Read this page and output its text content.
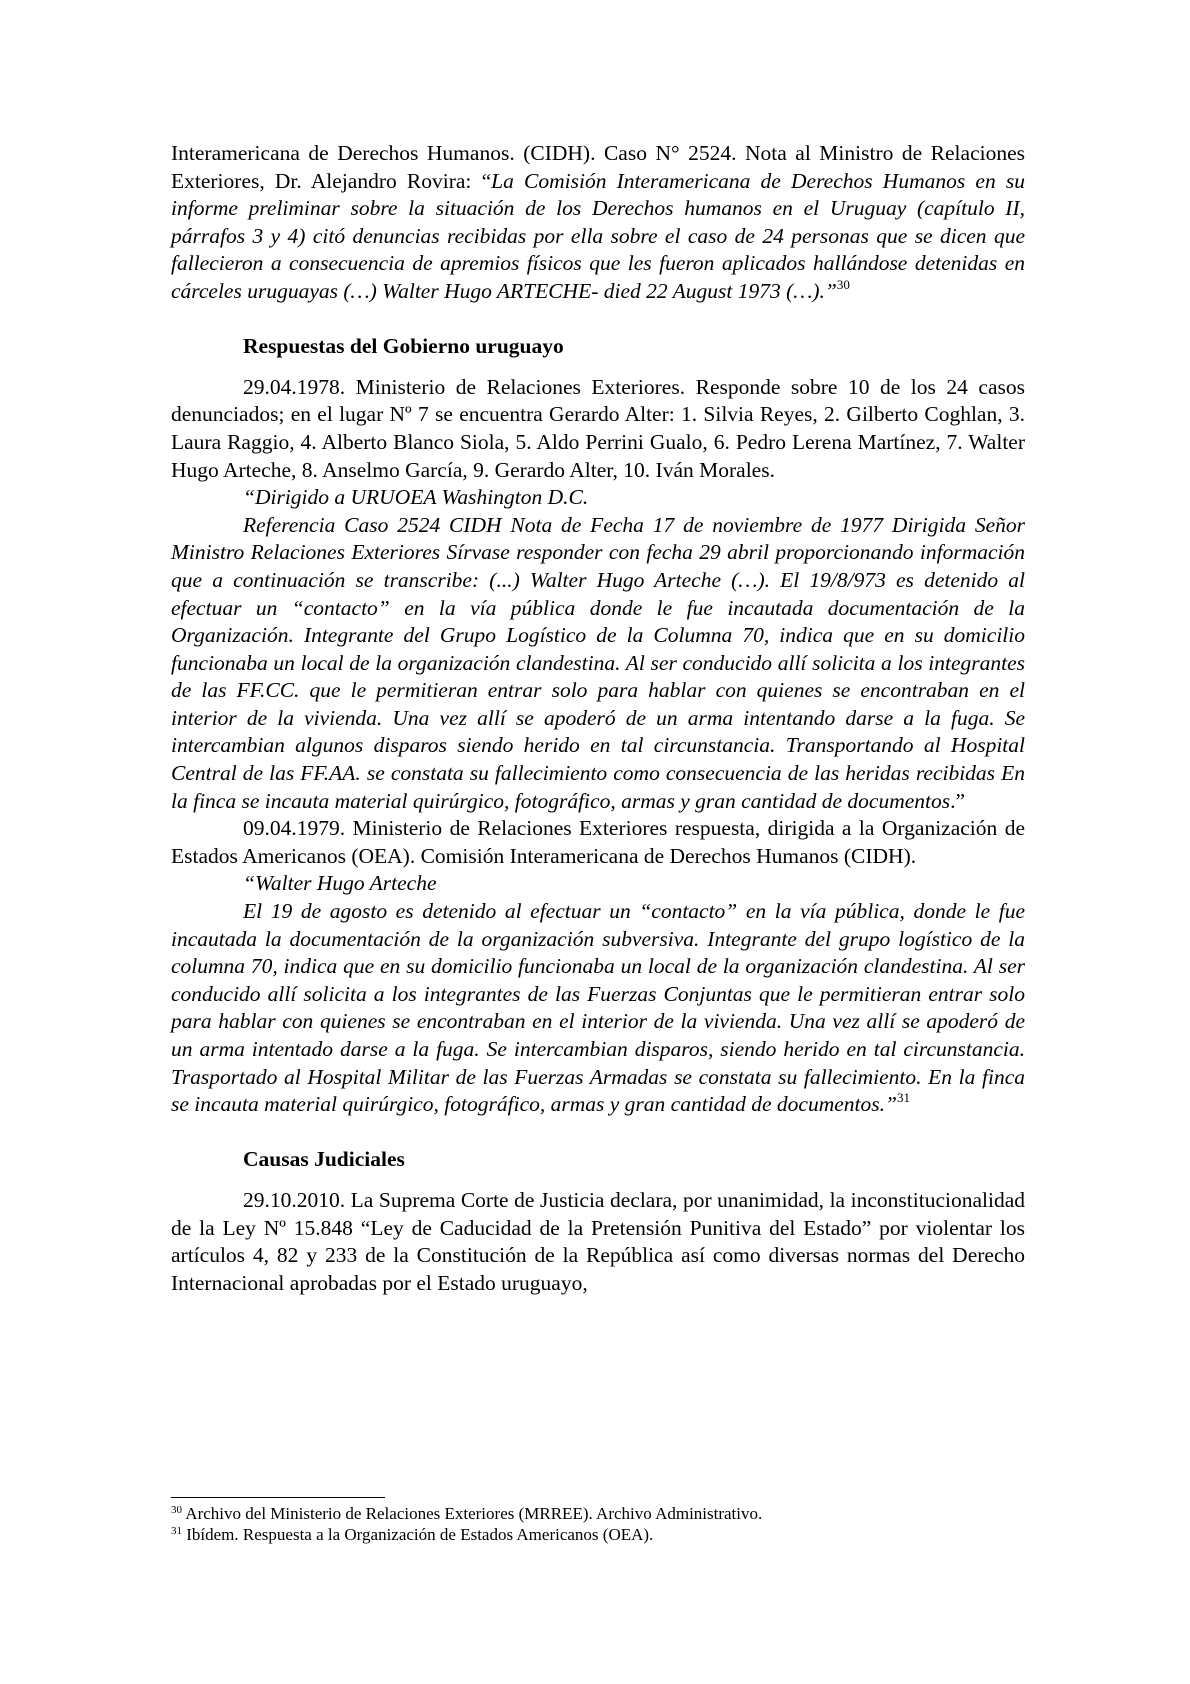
Interamericana de Derechos Humanos. (CIDH). Caso N° 2524. Nota al Ministro de Relaciones Exteriores, Dr. Alejandro Rovira: “La Comisión Interamericana de Derechos Humanos en su informe preliminar sobre la situación de los Derechos humanos en el Uruguay (capítulo II, párrafos 3 y 4) citó denuncias recibidas por ella sobre el caso de 24 personas que se dicen que fallecieron a consecuencia de apremios físicos que les fueron aplicados hallándose detenidas en cárceles uruguayas (…) Walter Hugo ARTECHE- died 22 August 1973 (…).”$^{30}$

Respuestas del Gobierno uruguayo

29.04.1978. Ministerio de Relaciones Exteriores. Responde sobre 10 de los 24 casos denunciados; en el lugar Nº 7 se encuentra Gerardo Alter: 1. Silvia Reyes, 2. Gilberto Coghlan, 3. Laura Raggio, 4. Alberto Blanco Siola, 5. Aldo Perrini Gualo, 6. Pedro Lerena Martínez, 7. Walter Hugo Arteche, 8. Anselmo García, 9. Gerardo Alter, 10. Iván Morales.

“Dirigido a URUOEA Washington D.C.

Referencia Caso 2524 CIDH Nota de Fecha 17 de noviembre de 1977 Dirigida Señor Ministro Relaciones Exteriores Sírvase responder con fecha 29 abril proporcionando información que a continuación se transcribe: (...) Walter Hugo Arteche (…). El 19/8/973 es detenido al efectuar un “contacto” en la vía pública donde le fue incautada documentación de la Organización. Integrante del Grupo Logístico de la Columna 70, indica que en su domicilio funcionaba un local de la organización clandestina. Al ser conducido allí solicita a los integrantes de las FF.CC. que le permitieran entrar solo para hablar con quienes se encontraban en el interior de la vivienda. Una vez allí se apoderó de un arma intentando darse a la fuga. Se intercambian algunos disparos siendo herido en tal circunstancia. Transportando al Hospital Central de las FF.AA. se constata su fallecimiento como consecuencia de las heridas recibidas En la finca se incauta material quirúrgico, fotográfico, armas y gran cantidad de documentos.”

09.04.1979. Ministerio de Relaciones Exteriores respuesta, dirigida a la Organización de Estados Americanos (OEA). Comisión Interamericana de Derechos Humanos (CIDH).

“Walter Hugo Arteche

El 19 de agosto es detenido al efectuar un “contacto” en la vía pública, donde le fue incautada la documentación de la organización subversiva. Integrante del grupo logístico de la columna 70, indica que en su domicilio funcionaba un local de la organización clandestina. Al ser conducido allí solicita a los integrantes de las Fuerzas Conjuntas que le permitieran entrar solo para hablar con quienes se encontraban en el interior de la vivienda. Una vez allí se apoderó de un arma intentado darse a la fuga. Se intercambian disparos, siendo herido en tal circunstancia. Trasportado al Hospital Militar de las Fuerzas Armadas se constata su fallecimiento. En la finca se incauta material quirúrgico, fotográfico, armas y gran cantidad de documentos.”$^{31}$

Causas Judiciales

29.10.2010. La Suprema Corte de Justicia declara, por unanimidad, la inconstitucionalidad de la Ley Nº 15.848 “Ley de Caducidad de la Pretensión Punitiva del Estado” por violentar los artículos 4, 82 y 233 de la Constitución de la República así como diversas normas del Derecho Internacional aprobadas por el Estado uruguayo,

$^{30}$ Archivo del Ministerio de Relaciones Exteriores (MRREE). Archivo Administrativo.
$^{31}$ Ibídem. Respuesta a la Organización de Estados Americanos (OEA).
